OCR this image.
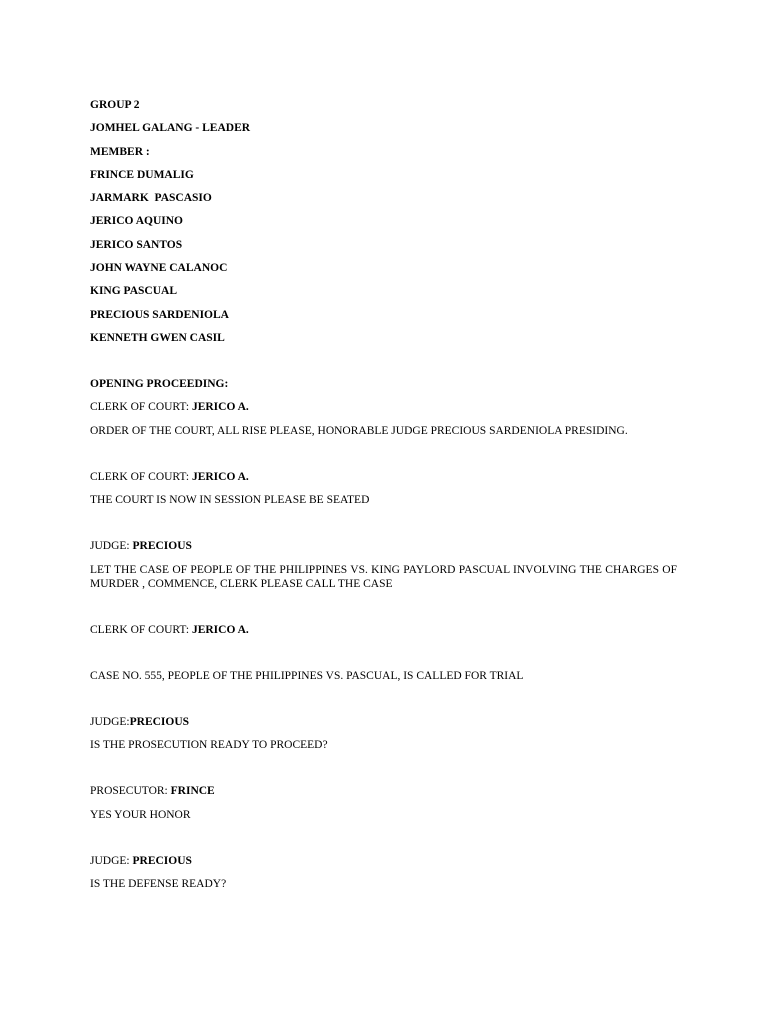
GROUP 2

JOMHEL GALANG - LEADER

MEMBER :

FRINCE DUMALIG

JARMARK  PASCASIO

JERICO AQUINO

JERICO SANTOS

JOHN WAYNE CALANOC

KING PASCUAL

PRECIOUS SARDENIOLA

KENNETH GWEN CASIL

OPENING PROCEEDING:

CLERK OF COURT: JERICO A.

ORDER OF THE COURT, ALL RISE PLEASE, HONORABLE JUDGE PRECIOUS SARDENIOLA PRESIDING.

CLERK OF COURT: JERICO A.

THE COURT IS NOW IN SESSION PLEASE BE SEATED

JUDGE: PRECIOUS

LET THE CASE OF PEOPLE OF THE PHILIPPINES VS. KING PAYLORD PASCUAL INVOLVING THE CHARGES OF MURDER , COMMENCE, CLERK PLEASE CALL THE CASE

CLERK OF COURT: JERICO A.

CASE NO. 555, PEOPLE OF THE PHILIPPINES VS. PASCUAL, IS CALLED FOR TRIAL

JUDGE:PRECIOUS

IS THE PROSECUTION READY TO PROCEED?

PROSECUTOR: FRINCE

YES YOUR HONOR

JUDGE: PRECIOUS

IS THE DEFENSE READY?
